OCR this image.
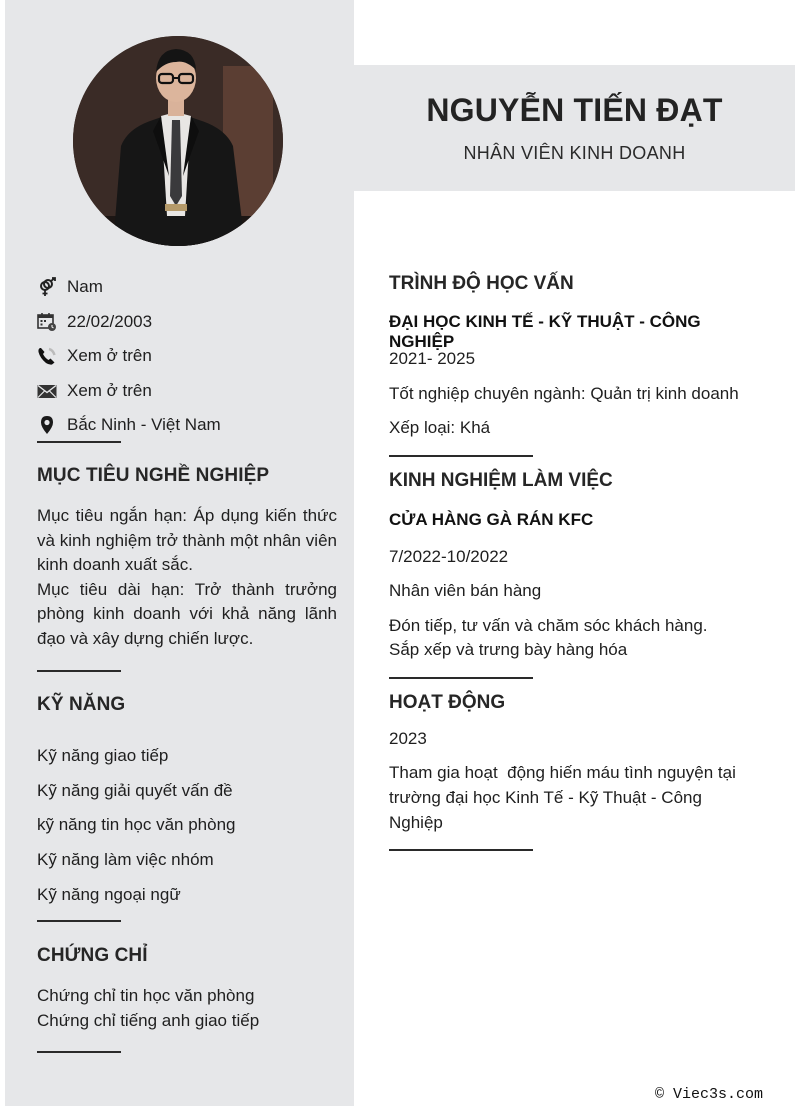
Nam
22/02/2003
Xem ở trên
Xem ở trên
Bắc Ninh - Việt Nam
MỤC TIÊU NGHỀ NGHIỆP

Mục tiêu ngắn hạn: Áp dụng kiến thức và kinh nghiệm trở thành một nhân viên kinh doanh xuất sắc.

Mục tiêu dài hạn: Trở thành trưởng phòng kinh doanh với khả năng lãnh đạo và xây dựng chiến lược.

KỸ NĂNG
Kỹ năng giao tiếp
Kỹ năng giải quyết vấn đề
kỹ năng tin học văn phòng
Kỹ năng làm việc nhóm
Kỹ năng ngoại ngữ
CHỨNG CHỈ
Chứng chỉ tin học văn phòng
Chứng chỉ tiếng anh giao tiếp
NGUYỄN TIẾN ĐẠT
NHÂN VIÊN KINH DOANH
TRÌNH ĐỘ HỌC VẤN
ĐẠI HỌC KINH TẾ - KỸ THUẬT - CÔNG NGHIỆP
2021- 2025
Tốt nghiệp chuyên ngành: Quản trị kinh doanh
Xếp loại: Khá
KINH NGHIỆM LÀM VIỆC
CỬA HÀNG GÀ RÁN KFC
7/2022-10/2022
Nhân viên bán hàng
Đón tiếp, tư vấn và chăm sóc khách hàng.
Sắp xếp và trưng bày hàng hóa
HOẠT ĐỘNG
2023
Tham gia hoạt  động hiến máu tình nguyện tại
trường đại học Kinh Tế - Kỹ Thuật - Công
Nghiệp
© Viec3s.com
